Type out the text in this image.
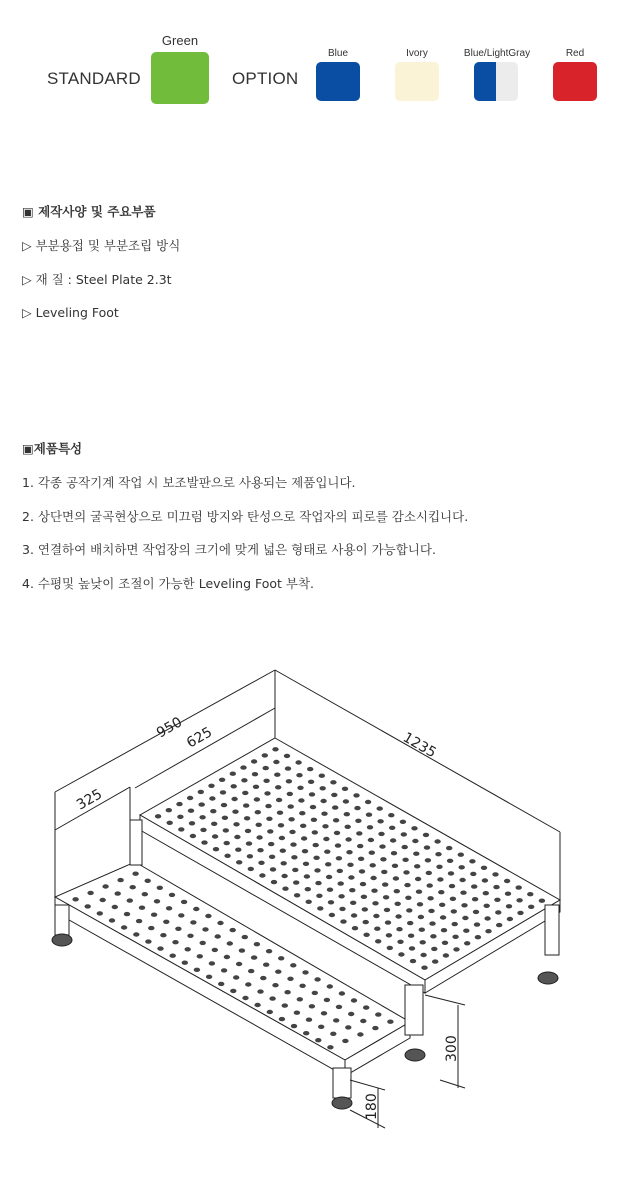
STANDARD
Green
OPTION
Blue	Ivory	Blue/LightGray	Red
▣ 제작사양 및 주요부품
▷ 부분용접 및 부분조립 방식
▷ 재 질 : Steel Plate 2.3t
▷ Leveling Foot
▣제품특성
1. 각종 공작기계 작업 시 보조발판으로 사용되는 제품입니다.
2. 상단면의 굴곡현상으로 미끄럼 방지와 탄성으로 작업자의 피로를 감소시킵니다.
3. 연결하여 배치하면 작업장의 크기에 맞게 넓은 형태로 사용이 가능합니다.
4. 수평및 높낮이 조절이 가능한 Leveling Foot 부착.
950
625
325
1235
300
180
